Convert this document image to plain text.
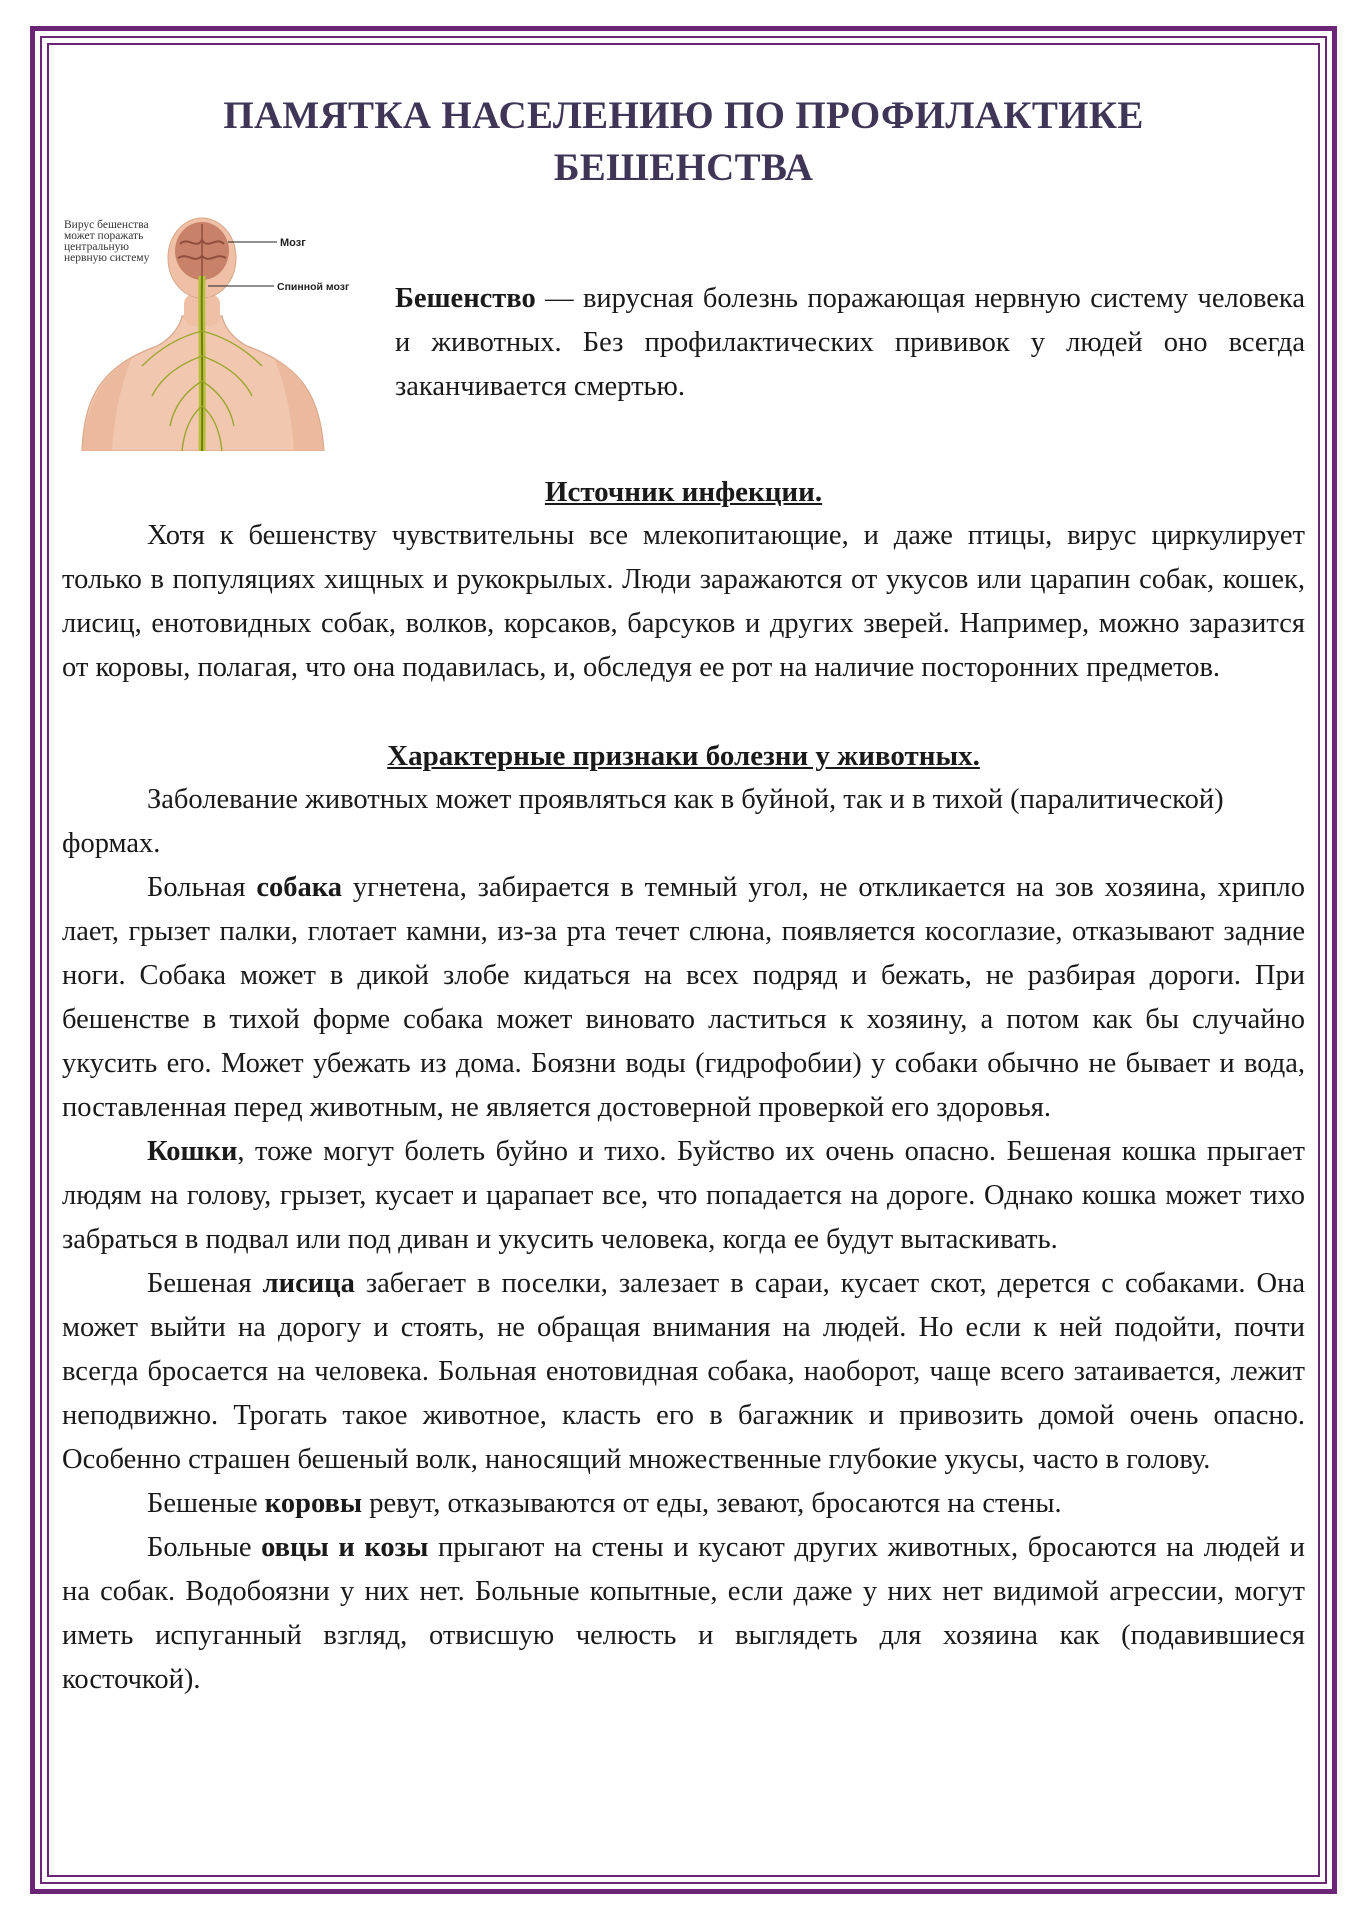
ПАМЯТКА НАСЕЛЕНИЮ ПО ПРОФИЛАКТИКЕ
БЕШЕНСТВА
Вирус бешенства может поражать центральную нервную систему
Мозг
Спинной мозг Бешенство — вирусная болезнь поражающая нервную систему человека и животных. Без профилактических прививок у людей оно всегда заканчивается смертью.

Источник инфекции.

Хотя к бешенству чувствительны все млекопитающие, и даже птицы, вирус циркулирует только в популяциях хищных и рукокрылых. Люди заражаются от укусов или царапин собак, кошек, лисиц, енотовидных собак, волков, корсаков, барсуков и других зверей. Например, можно заразится от коровы, полагая, что она подавилась, и, обследуя ее рот на наличие посторонних предметов.

Характерные признаки болезни у животных.

Заболевание животных может проявляться как в буйной, так и в тихой (паралитической) формах.

Больная собака угнетена, забирается в темный угол, не откликается на зов хозяина, хрипло лает, грызет палки, глотает камни, из-за рта течет слюна, появляется косоглазие, отказывают задние ноги. Собака может в дикой злобе кидаться на всех подряд и бежать, не разбирая дороги. При бешенстве в тихой форме собака может виновато ластиться к хозяину, а потом как бы случайно укусить его. Может убежать из дома. Боязни воды (гидрофобии) у собаки обычно не бывает и вода, поставленная перед животным, не является достоверной проверкой его здоровья.

Кошки, тоже могут болеть буйно и тихо. Буйство их очень опасно. Бешеная кошка прыгает людям на голову, грызет, кусает и царапает все, что попадается на дороге. Однако кошка может тихо забраться в подвал или под диван и укусить человека, когда ее будут вытаскивать.

Бешеная лисица забегает в поселки, залезает в сараи, кусает скот, дерется с собаками. Она может выйти на дорогу и стоять, не обращая внимания на людей. Но если к ней подойти, почти всегда бросается на человека. Больная енотовидная собака, наоборот, чаще всего затаивается, лежит неподвижно. Трогать такое животное, класть его в багажник и привозить домой очень опасно. Особенно страшен бешеный волк, наносящий множественные глубокие укусы, часто в голову.

Бешеные коровы ревут, отказываются от еды, зевают, бросаются на стены.

Больные овцы и козы прыгают на стены и кусают других животных, бросаются на людей и на собак. Водобоязни у них нет. Больные копытные, если даже у них нет видимой агрессии, могут иметь испуганный взгляд, отвисшую челюсть и выглядеть для хозяина как (подавившиеся косточкой).
